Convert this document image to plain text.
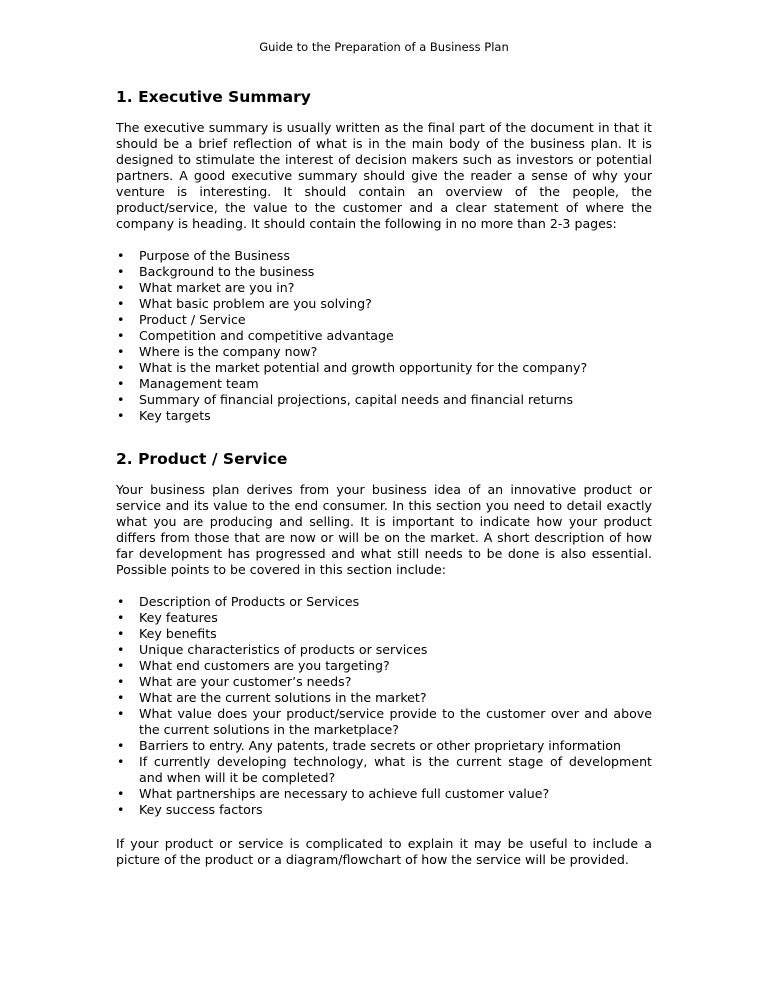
Guide to the Preparation of a Business Plan
1. Executive Summary

The executive summary is usually written as the final part of the document in that it should be a brief reflection of what is in the main body of the business plan. It is designed to stimulate the interest of decision makers such as investors or potential partners. A good executive summary should give the reader a sense of why your venture is interesting. It should contain an overview of the people, the product/service, the value to the customer and a clear statement of where the company is heading. It should contain the following in no more than 2-3 pages:

• Purpose of the Business
• Background to the business
• What market are you in?
• What basic problem are you solving?
• Product / Service
• Competition and competitive advantage
• Where is the company now?
• What is the market potential and growth opportunity for the company?
• Management team
• Summary of financial projections, capital needs and financial returns
• Key targets
2. Product / Service

Your business plan derives from your business idea of an innovative product or service and its value to the end consumer. In this section you need to detail exactly what you are producing and selling. It is important to indicate how your product differs from those that are now or will be on the market. A short description of how far development has progressed and what still needs to be done is also essential. Possible points to be covered in this section include:

• Description of Products or Services
• Key features
• Key benefits
• Unique characteristics of products or services
• What end customers are you targeting?
• What are your customer’s needs?
• What are the current solutions in the market?
• What value does your product/service provide to the customer over and above the current solutions in the marketplace?
• Barriers to entry. Any patents, trade secrets or other proprietary information
• If currently developing technology, what is the current stage of development and when will it be completed?
• What partnerships are necessary to achieve full customer value?
• Key success factors

If your product or service is complicated to explain it may be useful to include a picture of the product or a diagram/flowchart of how the service will be provided.
